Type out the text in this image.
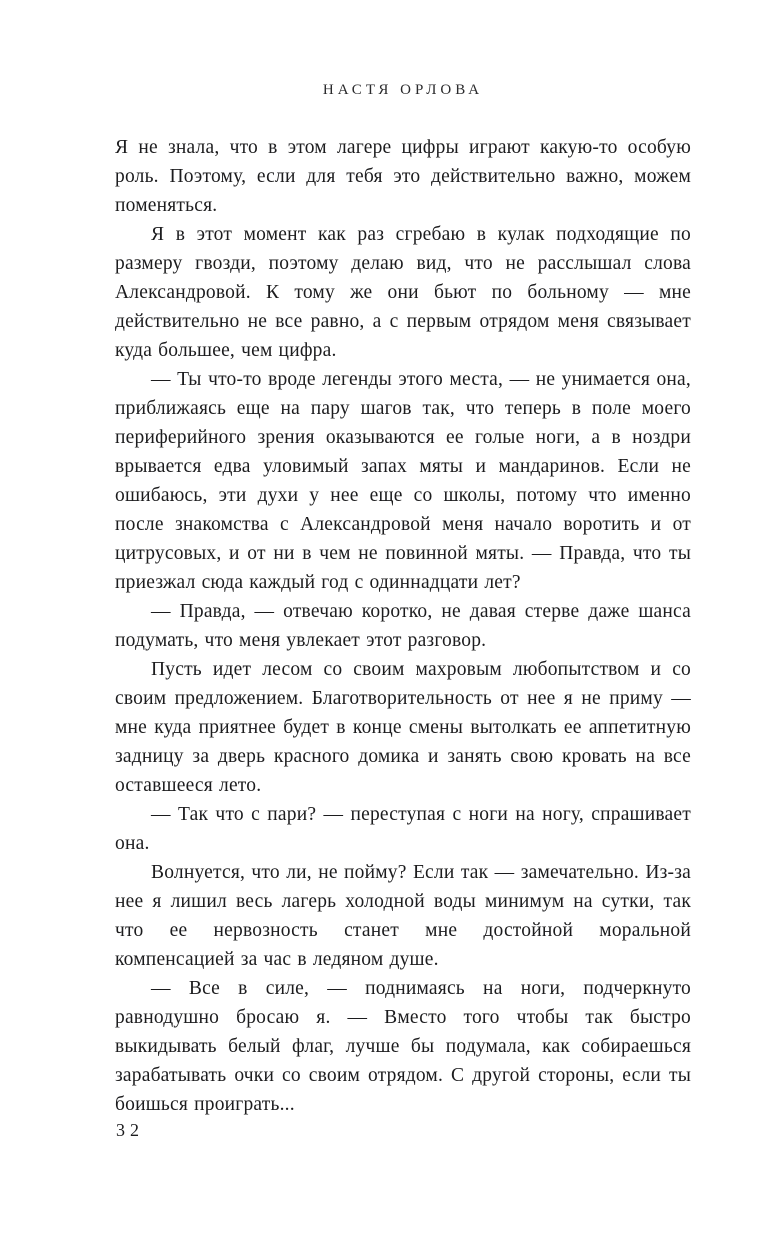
НАСТЯ ОРЛОВА

Я не знала, что в этом лагере цифры играют какую-то особую роль. Поэтому, если для тебя это действительно важно, можем поменяться.

Я в этот момент как раз сгребаю в кулак подходящие по размеру гвозди, поэтому делаю вид, что не расслышал слова Александровой. К тому же они бьют по больному — мне действительно не все равно, а с первым отрядом меня связывает куда большее, чем цифра.

— Ты что-то вроде легенды этого места, — не унимается она, приближаясь еще на пару шагов так, что теперь в поле моего периферийного зрения оказываются ее голые ноги, а в ноздри врывается едва уловимый запах мяты и мандаринов. Если не ошибаюсь, эти духи у нее еще со школы, потому что именно после знакомства с Александровой меня начало воротить и от цитрусовых, и от ни в чем не повинной мяты. — Правда, что ты приезжал сюда каждый год с одиннадцати лет?

— Правда, — отвечаю коротко, не давая стерве даже шанса подумать, что меня увлекает этот разговор.

Пусть идет лесом со своим махровым любопытством и со своим предложением. Благотворительность от нее я не приму — мне куда приятнее будет в конце смены вытолкать ее аппетитную задницу за дверь красного домика и занять свою кровать на все оставшееся лето.

— Так что с пари? — переступая с ноги на ногу, спрашивает она.

Волнуется, что ли, не пойму? Если так — замечательно. Из-за нее я лишил весь лагерь холодной воды минимум на сутки, так что ее нервозность станет мне достойной моральной компенсацией за час в ледяном душе.

— Все в силе, — поднимаясь на ноги, подчеркнуто равнодушно бросаю я. — Вместо того чтобы так быстро выкидывать белый флаг, лучше бы подумала, как собираешься зарабатывать очки со своим отрядом. С другой стороны, если ты боишься проиграть...

32
